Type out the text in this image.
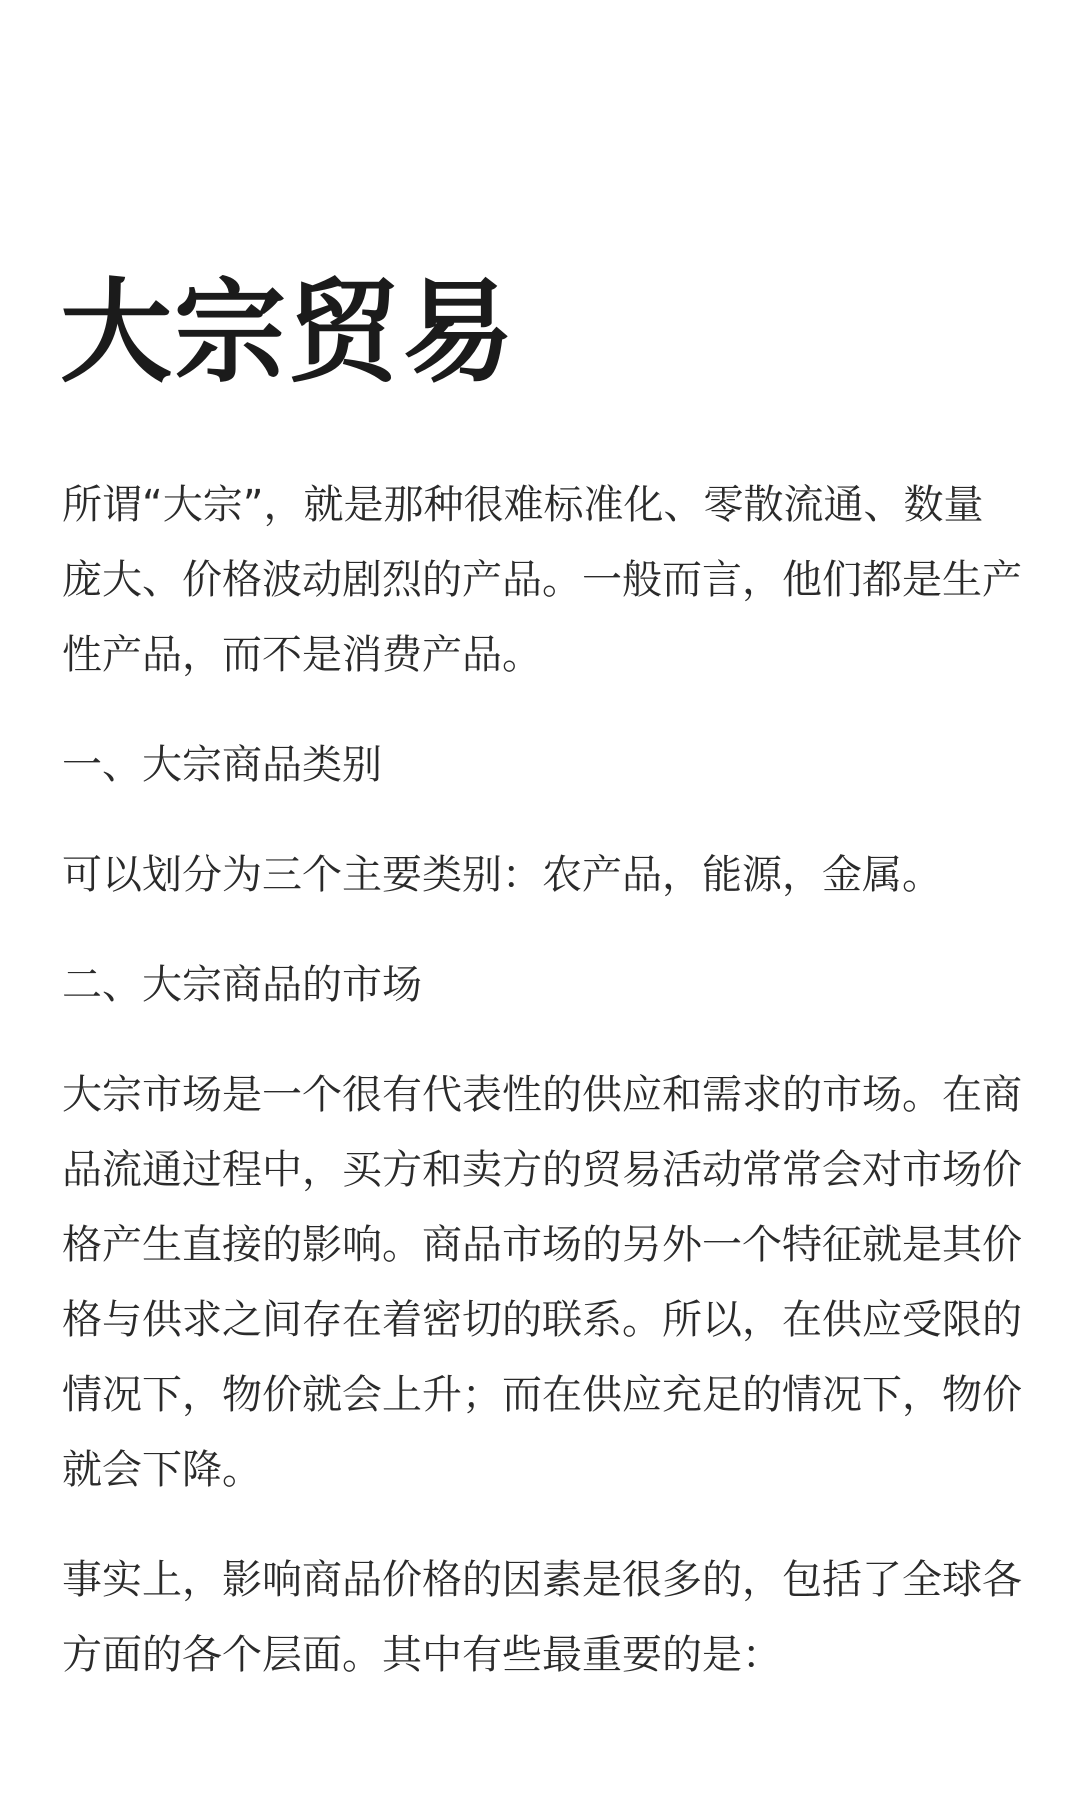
大宗贸易

所谓“大宗”，就是那种很难标准化、零散流通、数量庞大、价格波动剧烈的产品。一般而言，他们都是生产性产品，而不是消费产品。

一、大宗商品类别

可以划分为三个主要类别：农产品，能源，金属。

二、大宗商品的市场

大宗市场是一个很有代表性的供应和需求的市场。在商品流通过程中，买方和卖方的贸易活动常常会对市场价格产生直接的影响。商品市场的另外一个特征就是其价格与供求之间存在着密切的联系。所以，在供应受限的情况下，物价就会上升；而在供应充足的情况下，物价就会下降。

事实上，影响商品价格的因素是很多的，包括了全球各方面的各个层面。其中有些最重要的是：
